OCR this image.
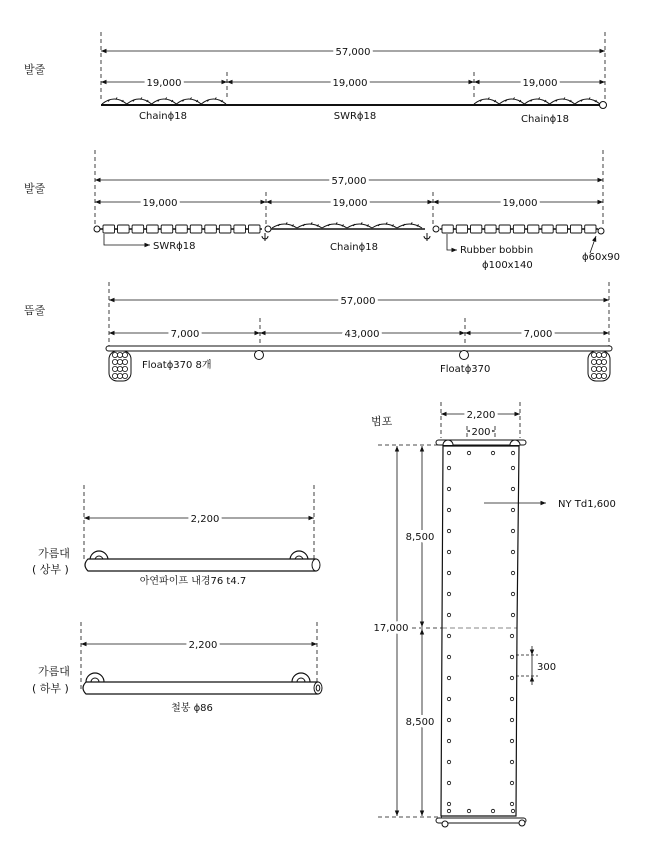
발줄
57,000
19,000	19,000	19,000
Chainϕ18	SWRϕ18	Chainϕ18
발줄
57,000
19,000	19,000	19,000
SWRϕ18	Chainϕ18	Rubber bobbin
ϕ100x140
ϕ60x90
뜸줄
57,000
7,000	43,000	7,000
Floatϕ370 8개	Floatϕ370
2,200
가름대
( 상부 )
아연파이프 내경76 t4.7
2,200
가름대
( 하부 )
철봉 ϕ86
범포	2,200
200
8,500
17,000
8,500
300
NY Td1,600
